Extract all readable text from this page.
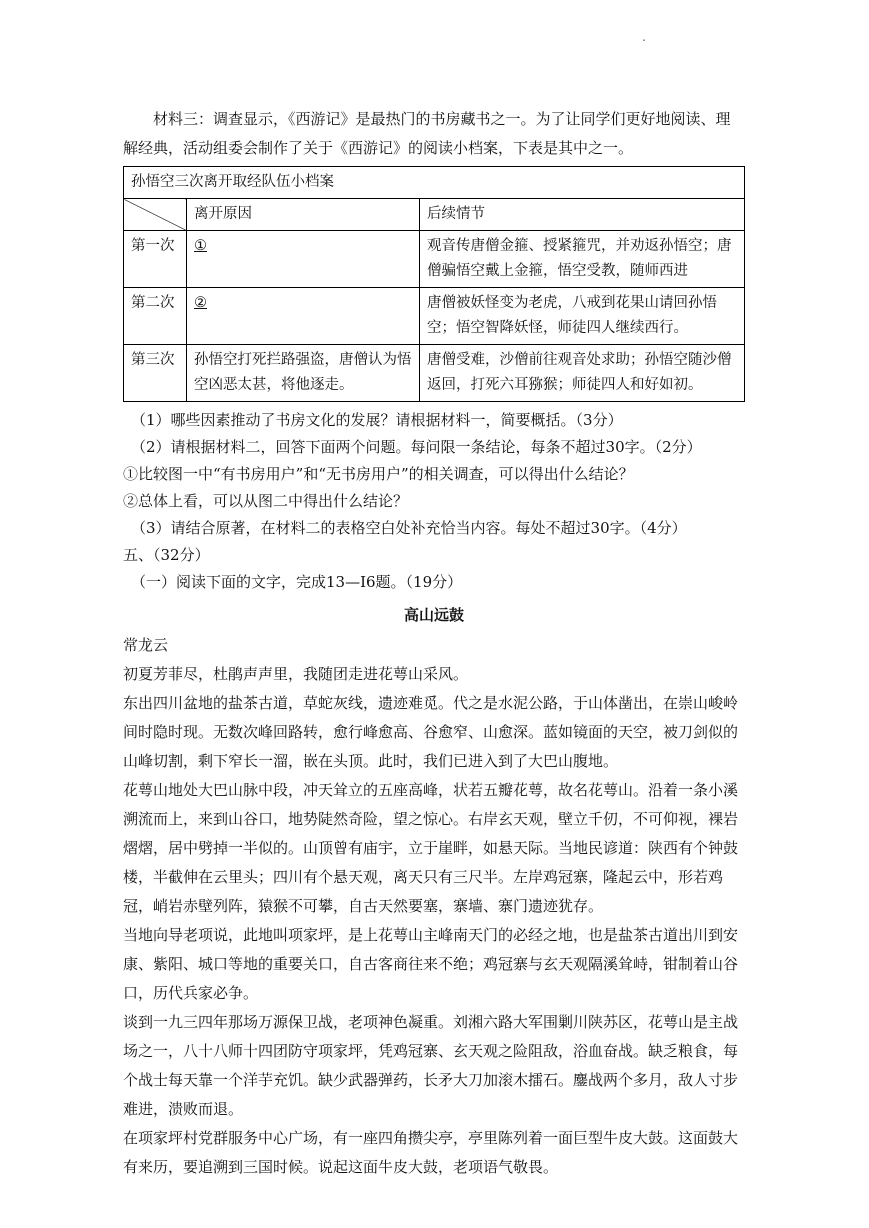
.

材料三：调查显示，《西游记》是最热门的书房藏书之一。为了让同学们更好地阅读、理解经典，活动组委会制作了关于《西游记》的阅读小档案，下表是其中之一。

孙悟空三次离开取经队伍小档案		
	离开原因	后续情节
第一次	①	观音传唐僧金箍、授紧箍咒，并劝返孙悟空；唐僧骗悟空戴上金箍，悟空受教，随师西进
第二次	②	唐僧被妖怪变为老虎，八戒到花果山请回孙悟空；悟空智降妖怪，师徒四人继续西行。
第三次	孙悟空打死拦路强盗，唐僧认为悟空凶恶太甚，将他逐走。	唐僧受难，沙僧前往观音处求助；孙悟空随沙僧返回，打死六耳猕猴；师徒四人和好如初。

（1）哪些因素推动了书房文化的发展？请根据材料一，简要概括。（3分）

（2）请根据材料二，回答下面两个问题。每问限一条结论，每条不超过30字。（2分）

①比较图一中“有书房用户”和“无书房用户”的相关调查，可以得出什么结论？

②总体上看，可以从图二中得出什么结论？

（3）请结合原著，在材料二的表格空白处补充恰当内容。每处不超过30字。（4分）

五、（32分）

（一）阅读下面的文字，完成13—I6题。（19分）

高山远鼓

常龙云

初夏芳菲尽，杜鹃声声里，我随团走进花萼山采风。

东出四川盆地的盐茶古道，草蛇灰线，遗迹难觅。代之是水泥公路，于山体凿出，在崇山峻岭间时隐时现。无数次峰回路转，愈行峰愈高、谷愈窄、山愈深。蓝如镜面的天空，被刀剑似的山峰切割，剩下窄长一溜，嵌在头顶。此时，我们已进入到了大巴山腹地。

花萼山地处大巴山脉中段，冲天耸立的五座高峰，状若五瓣花萼，故名花萼山。沿着一条小溪溯流而上，来到山谷口，地势陡然奇险，望之惊心。右岸玄天观，壁立千仞，不可仰视，裸岩熠熠，居中劈掉一半似的。山顶曾有庙宇，立于崖畔，如悬天际。当地民谚道：陕西有个钟鼓楼，半截伸在云里头；四川有个悬天观，离天只有三尺半。左岸鸡冠寨，隆起云中，形若鸡冠，峭岩赤壁列阵，猿猴不可攀，自古天然要塞，寨墙、寨门遗迹犹存。

当地向导老项说，此地叫项家坪，是上花萼山主峰南天门的必经之地，也是盐茶古道出川到安康、紫阳、城口等地的重要关口，自古客商往来不绝；鸡冠寨与玄天观隔溪耸峙，钳制着山谷口，历代兵家必争。

谈到一九三四年那场万源保卫战，老项神色凝重。刘湘六路大军围剿川陕苏区，花萼山是主战场之一，八十八师十四团防守项家坪，凭鸡冠寨、玄天观之险阻敌，浴血奋战。缺乏粮食，每个战士每天靠一个洋芋充饥。缺少武器弹药，长矛大刀加滚木擂石。鏖战两个多月，敌人寸步难进，溃败而退。

在项家坪村党群服务中心广场，有一座四角攒尖亭，亭里陈列着一面巨型牛皮大鼓。这面鼓大有来历，要追溯到三国时候。说起这面牛皮大鼓，老项语气敬畏。
